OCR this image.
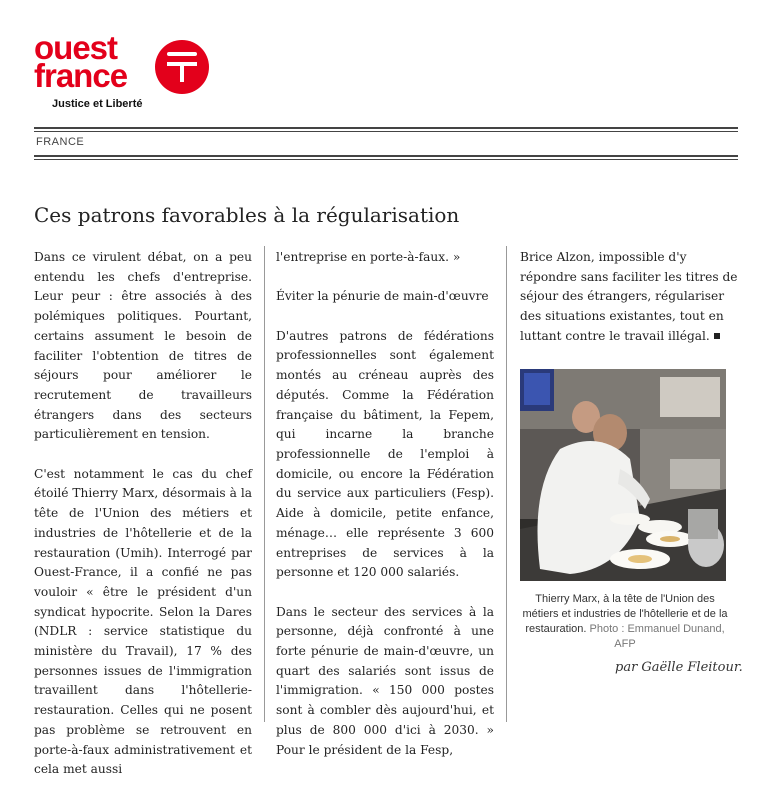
ouest
france
Justice et Liberté
FRANCE
Ces patrons favorables à la régularisation

Dans ce virulent débat, on a peu entendu les chefs d'entreprise. Leur peur : être associés à des polémiques politiques. Pourtant, certains assument le besoin de faciliter l'obtention de titres de séjours pour améliorer le recrutement de travailleurs étrangers dans des secteurs particulièrement en tension.

C'est notamment le cas du chef étoilé Thierry Marx, désormais à la tête de l'Union des métiers et industries de l'hôtellerie et de la restauration (Umih). Interrogé par Ouest-France, il a confié ne pas vouloir « être le président d'un syndicat hypocrite. Selon la Dares (NDLR : service statistique du ministère du Travail), 17 % des personnes issues de l'immigration travaillent dans l'hôtellerie-restauration. Celles qui ne posent pas problème se retrouvent en porte-à-faux administrativement et cela met aussi

l'entreprise en porte-à-faux. »

Éviter la pénurie de main-d'œuvre

D'autres patrons de fédérations professionnelles sont également montés au créneau auprès des députés. Comme la Fédération française du bâtiment, la Fepem, qui incarne la branche professionnelle de l'emploi à domicile, ou encore la Fédération du service aux particuliers (Fesp). Aide à domicile, petite enfance, ménage… elle représente 3 600 entreprises de services à la personne et 120 000 salariés.

Dans le secteur des services à la personne, déjà confronté à une forte pénurie de main-d'œuvre, un quart des salariés sont issus de l'immigration. « 150 000 postes sont à combler dès aujourd'hui, et plus de 800 000 d'ici à 2030. » Pour le président de la Fesp,

Brice Alzon, impossible d'y répondre sans faciliter les titres de séjour des étrangers, régulariser des situations existantes, tout en luttant contre le travail illégal.

Thierry Marx, à la tête de l'Union des métiers et industries de l'hôtellerie et de la restauration. Photo : Emmanuel Dunand, AFP
par Gaëlle Fleitour.
